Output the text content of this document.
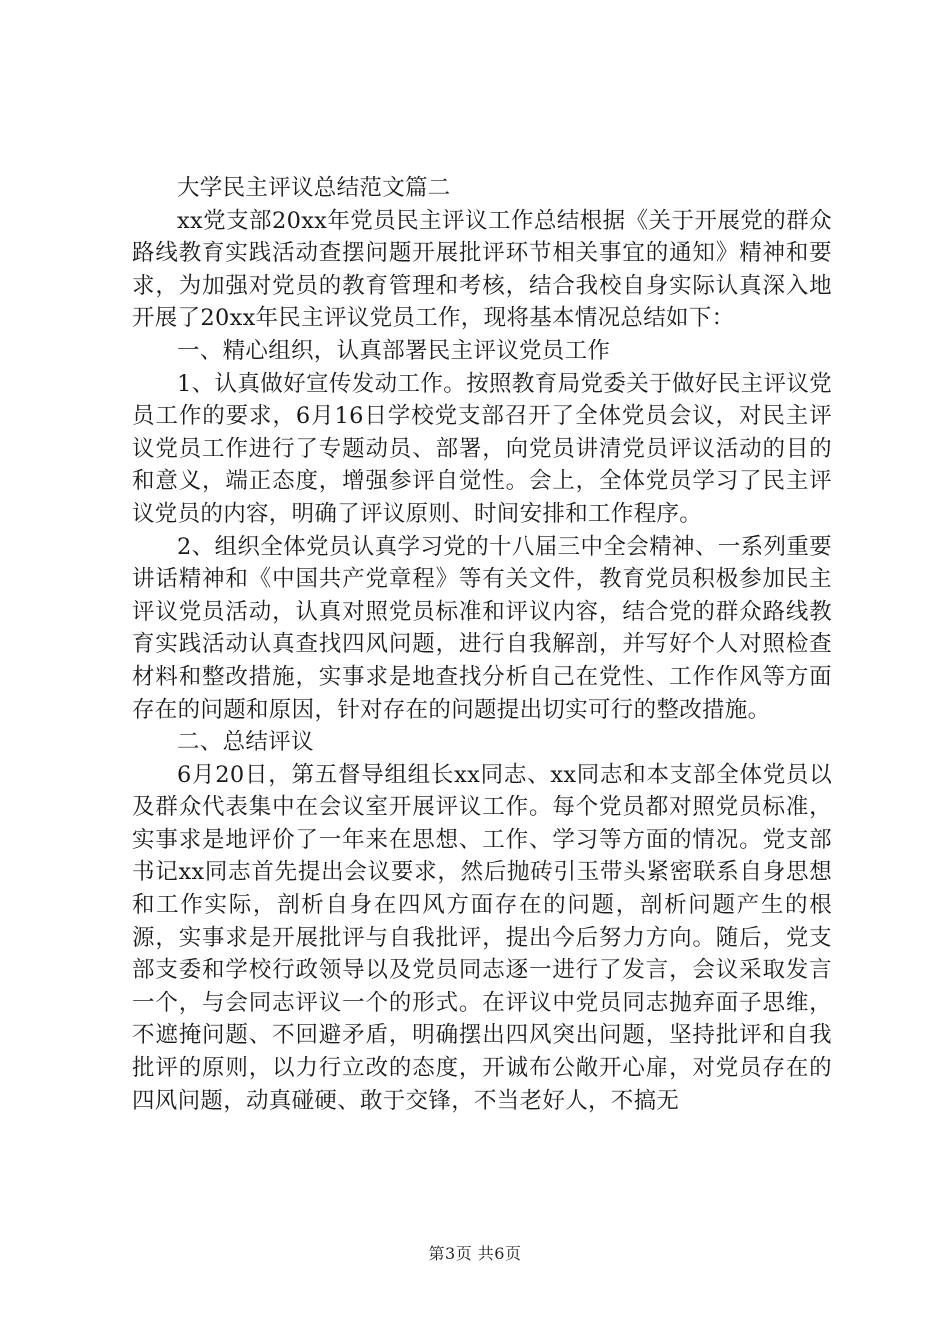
大学民主评议总结范文篇二

xx党支部20xx年党员民主评议工作总结根据《关于开展党的群众路线教育实践活动查摆问题开展批评环节相关事宜的通知》精神和要求，为加强对党员的教育管理和考核，结合我校自身实际认真深入地开展了20xx年民主评议党员工作，现将基本情况总结如下：

一、精心组织，认真部署民主评议党员工作

1、认真做好宣传发动工作。按照教育局党委关于做好民主评议党员工作的要求，6月16日学校党支部召开了全体党员会议，对民主评议党员工作进行了专题动员、部署，向党员讲清党员评议活动的目的和意义，端正态度，增强参评自觉性。会上，全体党员学习了民主评议党员的内容，明确了评议原则、时间安排和工作程序。

2、组织全体党员认真学习党的十八届三中全会精神、一系列重要讲话精神和《中国共产党章程》等有关文件，教育党员积极参加民主评议党员活动，认真对照党员标准和评议内容，结合党的群众路线教育实践活动认真查找四风问题，进行自我解剖，并写好个人对照检查材料和整改措施，实事求是地查找分析自己在党性、工作作风等方面存在的问题和原因，针对存在的问题提出切实可行的整改措施。

二、总结评议

6月20日，第五督导组组长xx同志、xx同志和本支部全体党员以及群众代表集中在会议室开展评议工作。每个党员都对照党员标准，实事求是地评价了一年来在思想、工作、学习等方面的情况。党支部书记xx同志首先提出会议要求，然后抛砖引玉带头紧密联系自身思想和工作实际，剖析自身在四风方面存在的问题，剖析问题产生的根源，实事求是开展批评与自我批评，提出今后努力方向。随后，党支部支委和学校行政领导以及党员同志逐一进行了发言，会议采取发言一个，与会同志评议一个的形式。在评议中党员同志抛弃面子思维，不遮掩问题、不回避矛盾，明确摆出四风突出问题，坚持批评和自我批评的原则，以力行立改的态度，开诚布公敞开心扉，对党员存在的四风问题，动真碰硬、敢于交锋，不当老好人，不搞无

第3页 共6页
